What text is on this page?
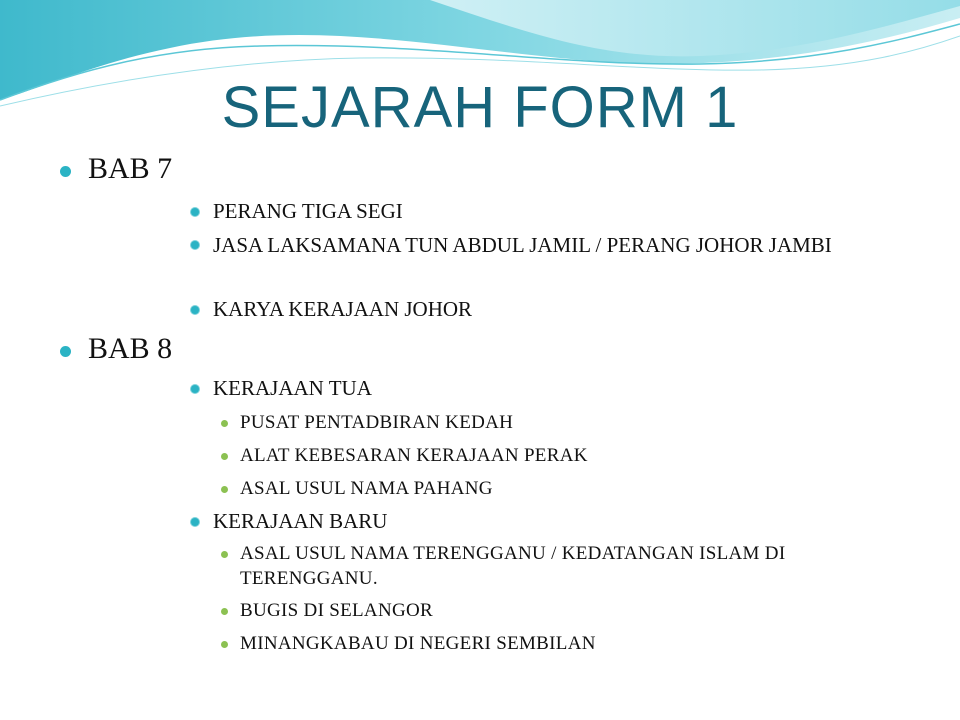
SEJARAH FORM 1
BAB 7
PERANG TIGA SEGI
JASA LAKSAMANA TUN ABDUL JAMIL / PERANG JOHOR JAMBI
KARYA KERAJAAN JOHOR
BAB 8
KERAJAAN TUA
PUSAT PENTADBIRAN KEDAH
ALAT KEBESARAN KERAJAAN PERAK
ASAL USUL NAMA PAHANG
KERAJAAN BARU
ASAL USUL NAMA TERENGGANU / KEDATANGAN ISLAM DI TERENGGANU.
BUGIS DI SELANGOR
MINANGKABAU DI NEGERI SEMBILAN
